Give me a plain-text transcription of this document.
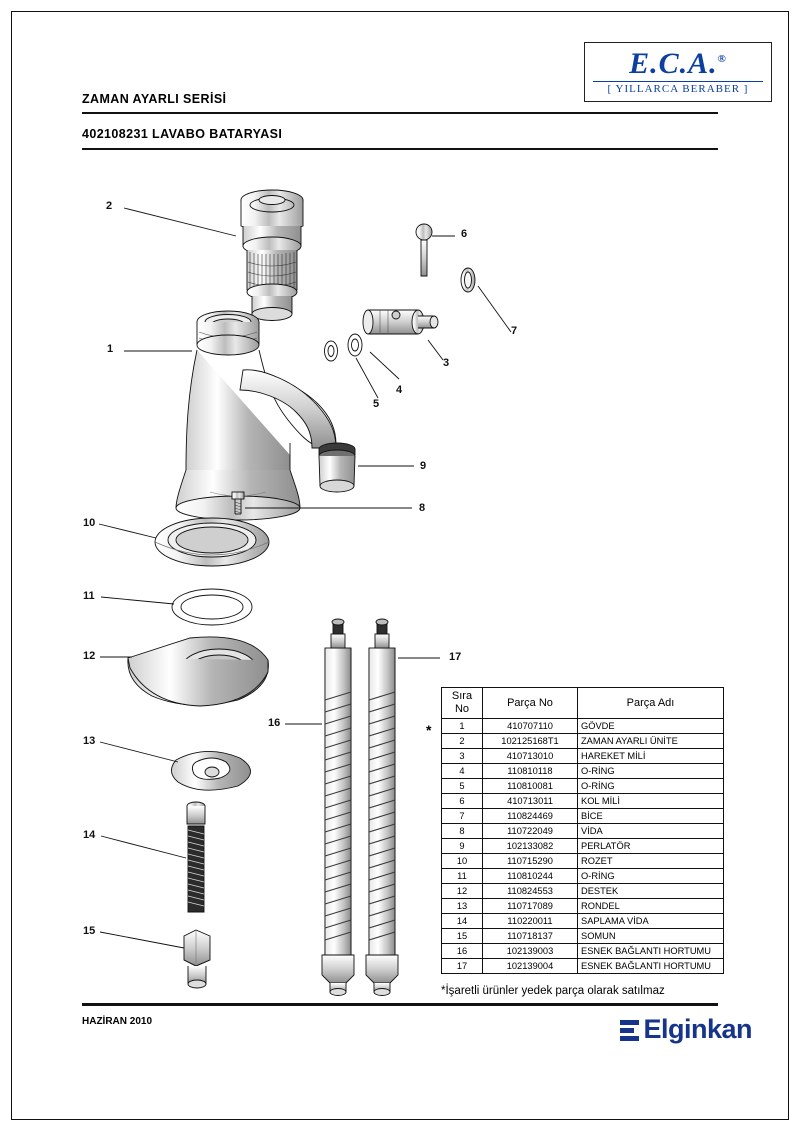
E.C.A.®
[ YILLARCA BERABER ]
ZAMAN AYARLI SERİSİ
402108231 LAVABO BATARYASI
2
1
6
7
3
4
5
9
8
10
11
12
13
14
15
16
17
*
Sıra No	Parça No	Parça Adı
1	410707110	GÖVDE
2	102125168T1	ZAMAN AYARLI ÜNİTE
3	410713010	HAREKET MİLİ
4	110810118	O-RİNG
5	110810081	O-RİNG
6	410713011	KOL MİLİ
7	110824469	BİCE
8	110722049	VİDA
9	102133082	PERLATÖR
10	110715290	ROZET
11	110810244	O-RİNG
12	110824553	DESTEK
13	110717089	RONDEL
14	110220011	SAPLAMA VİDA
15	110718137	SOMUN
16	102139003	ESNEK BAĞLANTI HORTUMU
17	102139004	ESNEK BAĞLANTI HORTUMU
*İşaretli ürünler yedek parça olarak satılmaz
HAZİRAN 2010	Elginkan
